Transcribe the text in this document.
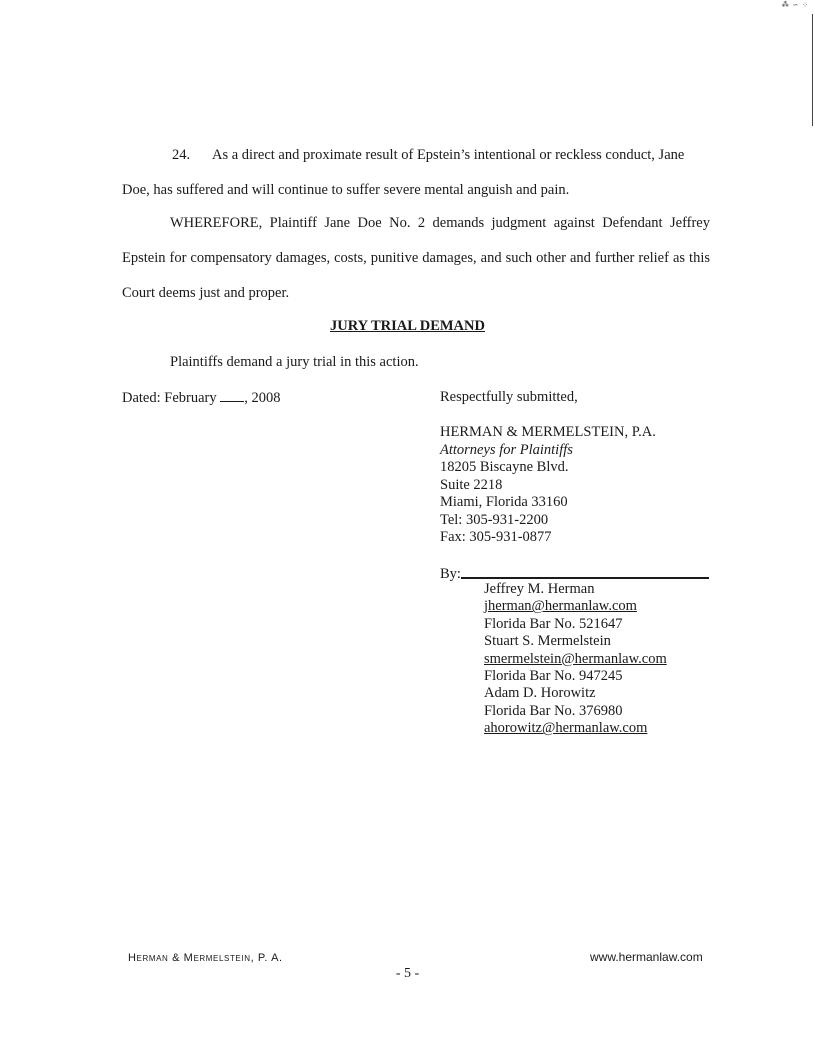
⁂ ∽ ⁘

24. As a direct and proximate result of Epstein’s intentional or reckless conduct, Jane Doe, has suffered and will continue to suffer severe mental anguish and pain.

WHEREFORE, Plaintiff Jane Doe No. 2 demands judgment against Defendant Jeffrey Epstein for compensatory damages, costs, punitive damages, and such other and further relief as this Court deems just and proper.

JURY TRIAL DEMAND
Plaintiffs demand a jury trial in this action.
Dated: February , 2008	Respectfully submitted,
HERMAN & MERMELSTEIN, P.A.
Attorneys for Plaintiffs
18205 Biscayne Blvd.
Suite 2218
Miami, Florida 33160
Tel: 305-931-2200
Fax: 305-931-0877
By:
Jeffrey M. Herman
jherman@hermanlaw.com
Florida Bar No. 521647
Stuart S. Mermelstein
smermelstein@hermanlaw.com
Florida Bar No. 947245
Adam D. Horowitz
Florida Bar No. 376980
ahorowitz@hermanlaw.com
Herman & Mermelstein, P. A.	www.hermanlaw.com
- 5 -
